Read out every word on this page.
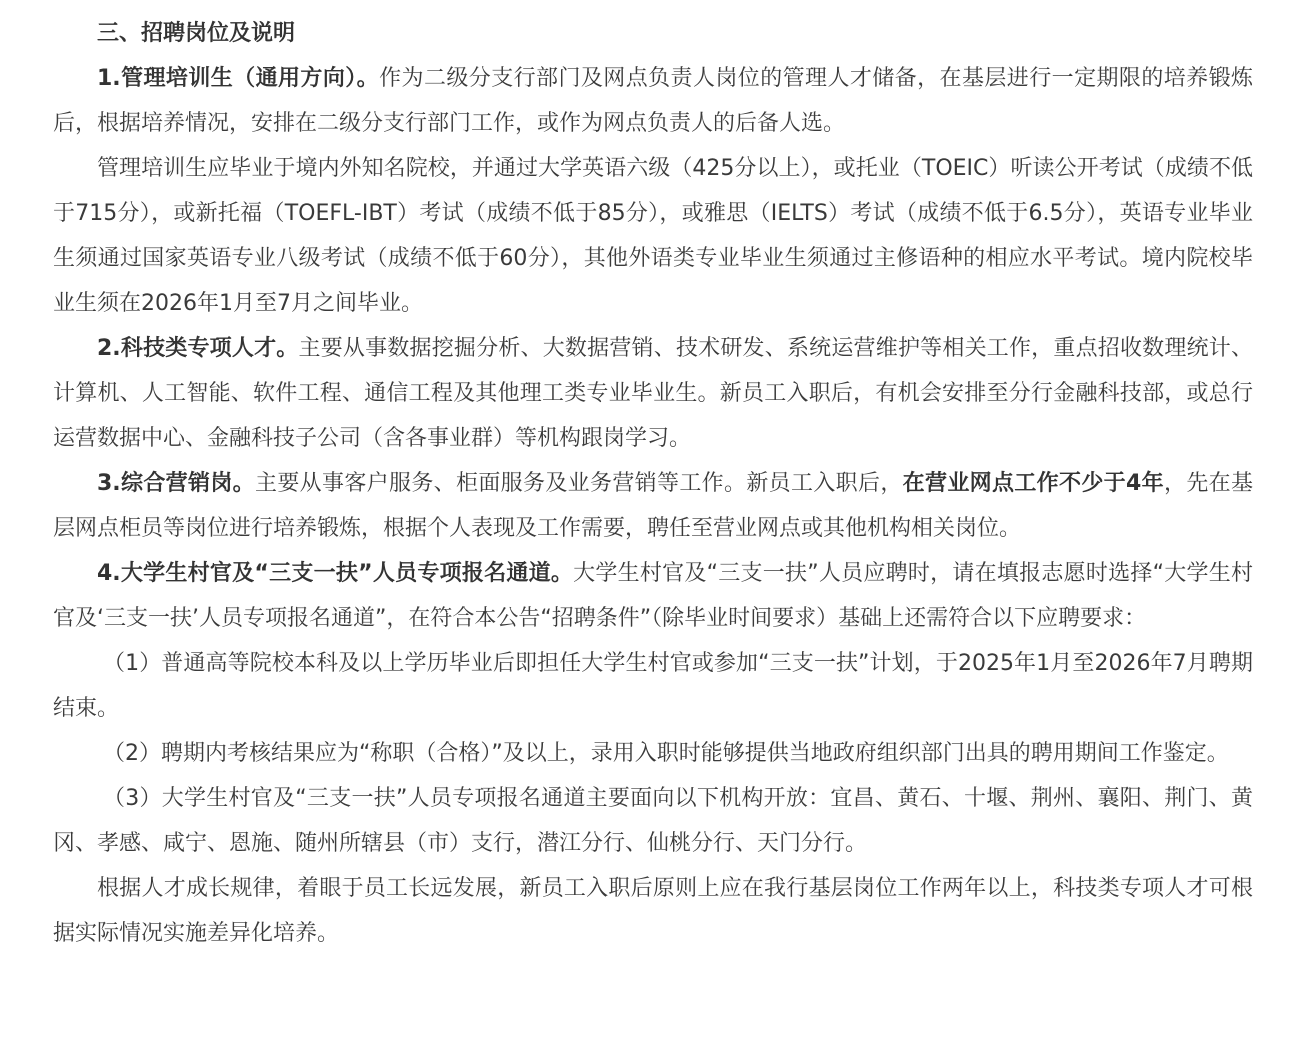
三、招聘岗位及说明

1.管理培训生（通用方向）。作为二级分支行部门及网点负责人岗位的管理人才储备，在基层进行一定期限的培养锻炼后，根据培养情况，安排在二级分支行部门工作，或作为网点负责人的后备人选。

管理培训生应毕业于境内外知名院校，并通过大学英语六级（425分以上），或托业（TOEIC）听读公开考试（成绩不低于715分），或新托福（TOEFL-IBT）考试（成绩不低于85分），或雅思（IELTS）考试（成绩不低于6.5分），英语专业毕业生须通过国家英语专业八级考试（成绩不低于60分），其他外语类专业毕业生须通过主修语种的相应水平考试。境内院校毕业生须在2026年1月至7月之间毕业。

2.科技类专项人才。主要从事数据挖掘分析、大数据营销、技术研发、系统运营维护等相关工作，重点招收数理统计、计算机、人工智能、软件工程、通信工程及其他理工类专业毕业生。新员工入职后，有机会安排至分行金融科技部，或总行运营数据中心、金融科技子公司（含各事业群）等机构跟岗学习。

3.综合营销岗。主要从事客户服务、柜面服务及业务营销等工作。新员工入职后，在营业网点工作不少于4年，先在基层网点柜员等岗位进行培养锻炼，根据个人表现及工作需要，聘任至营业网点或其他机构相关岗位。

4.大学生村官及“三支一扶”人员专项报名通道。大学生村官及“三支一扶”人员应聘时，请在填报志愿时选择“大学生村官及‘三支一扶’人员专项报名通道”，在符合本公告“招聘条件”（除毕业时间要求）基础上还需符合以下应聘要求：

（1）普通高等院校本科及以上学历毕业后即担任大学生村官或参加“三支一扶”计划，于2025年1月至2026年7月聘期结束。

（2）聘期内考核结果应为“称职（合格）”及以上，录用入职时能够提供当地政府组织部门出具的聘用期间工作鉴定。

（3）大学生村官及“三支一扶”人员专项报名通道主要面向以下机构开放：宜昌、黄石、十堰、荆州、襄阳、荆门、黄冈、孝感、咸宁、恩施、随州所辖县（市）支行，潜江分行、仙桃分行、天门分行。

根据人才成长规律，着眼于员工长远发展，新员工入职后原则上应在我行基层岗位工作两年以上，科技类专项人才可根据实际情况实施差异化培养。
